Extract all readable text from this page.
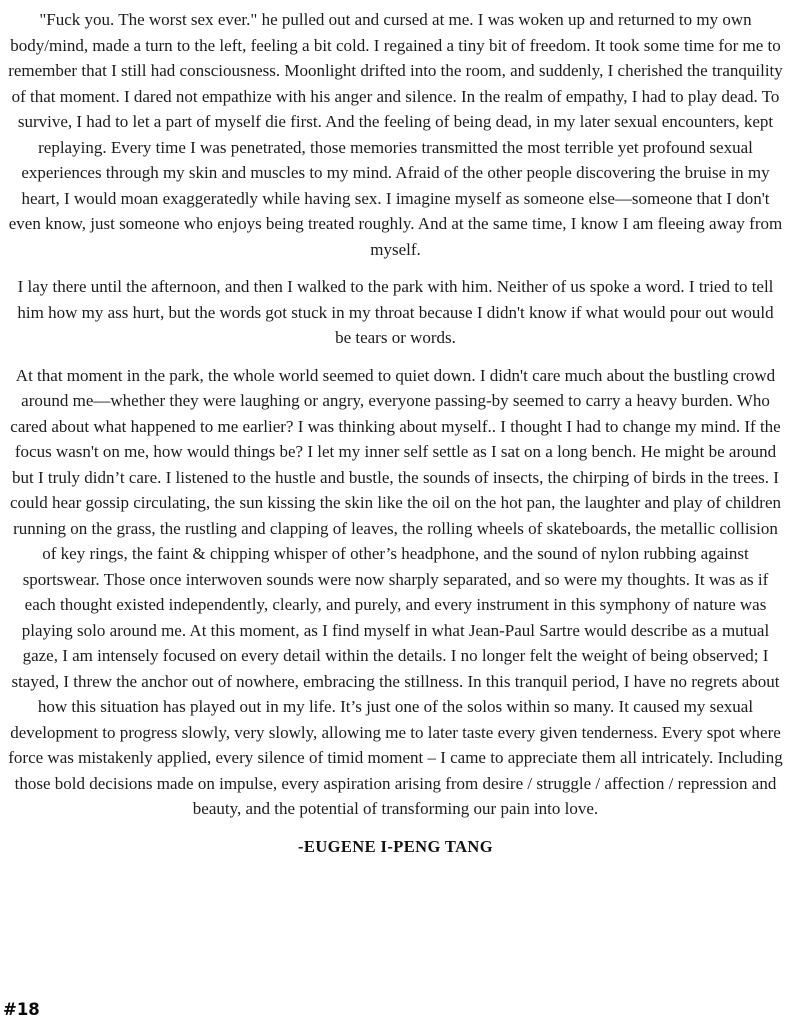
"Fuck you. The worst sex ever." he pulled out and cursed at me. I was woken up and returned to my own body/mind, made a turn to the left, feeling a bit cold. I regained a tiny bit of freedom. It took some time for me to remember that I still had consciousness. Moonlight drifted into the room, and suddenly, I cherished the tranquility of that moment. I dared not empathize with his anger and silence. In the realm of empathy, I had to play dead. To survive, I had to let a part of myself die first. And the feeling of being dead, in my later sexual encounters, kept replaying. Every time I was penetrated, those memories transmitted the most terrible yet profound sexual experiences through my skin and muscles to my mind. Afraid of the other people discovering the bruise in my heart, I would moan exaggeratedly while having sex. I imagine myself as someone else—someone that I don't even know, just someone who enjoys being treated roughly. And at the same time, I know I am fleeing away from myself.

I lay there until the afternoon, and then I walked to the park with him. Neither of us spoke a word. I tried to tell him how my ass hurt, but the words got stuck in my throat because I didn't know if what would pour out would be tears or words.

At that moment in the park, the whole world seemed to quiet down. I didn't care much about the bustling crowd around me—whether they were laughing or angry, everyone passing-by seemed to carry a heavy burden. Who cared about what happened to me earlier? I was thinking about myself.. I thought I had to change my mind. If the focus wasn't on me, how would things be? I let my inner self settle as I sat on a long bench. He might be around but I truly didn’t care. I listened to the hustle and bustle, the sounds of insects, the chirping of birds in the trees. I could hear gossip circulating, the sun kissing the skin like the oil on the hot pan, the laughter and play of children running on the grass, the rustling and clapping of leaves, the rolling wheels of skateboards, the metallic collision of key rings, the faint & chipping whisper of other’s headphone, and the sound of nylon rubbing against sportswear. Those once interwoven sounds were now sharply separated, and so were my thoughts. It was as if each thought existed independently, clearly, and purely, and every instrument in this symphony of nature was playing solo around me. At this moment, as I find myself in what Jean-Paul Sartre would describe as a mutual gaze, I am intensely focused on every detail within the details. I no longer felt the weight of being observed; I stayed, I threw the anchor out of nowhere, embracing the stillness. In this tranquil period, I have no regrets about how this situation has played out in my life. It’s just one of the solos within so many. It caused my sexual development to progress slowly, very slowly, allowing me to later taste every given tenderness. Every spot where force was mistakenly applied, every silence of timid moment – I came to appreciate them all intricately. Including those bold decisions made on impulse, every aspiration arising from desire / struggle / affection / repression and beauty, and the potential of transforming our pain into love.

-EUGENE I-PENG TANG
#18
